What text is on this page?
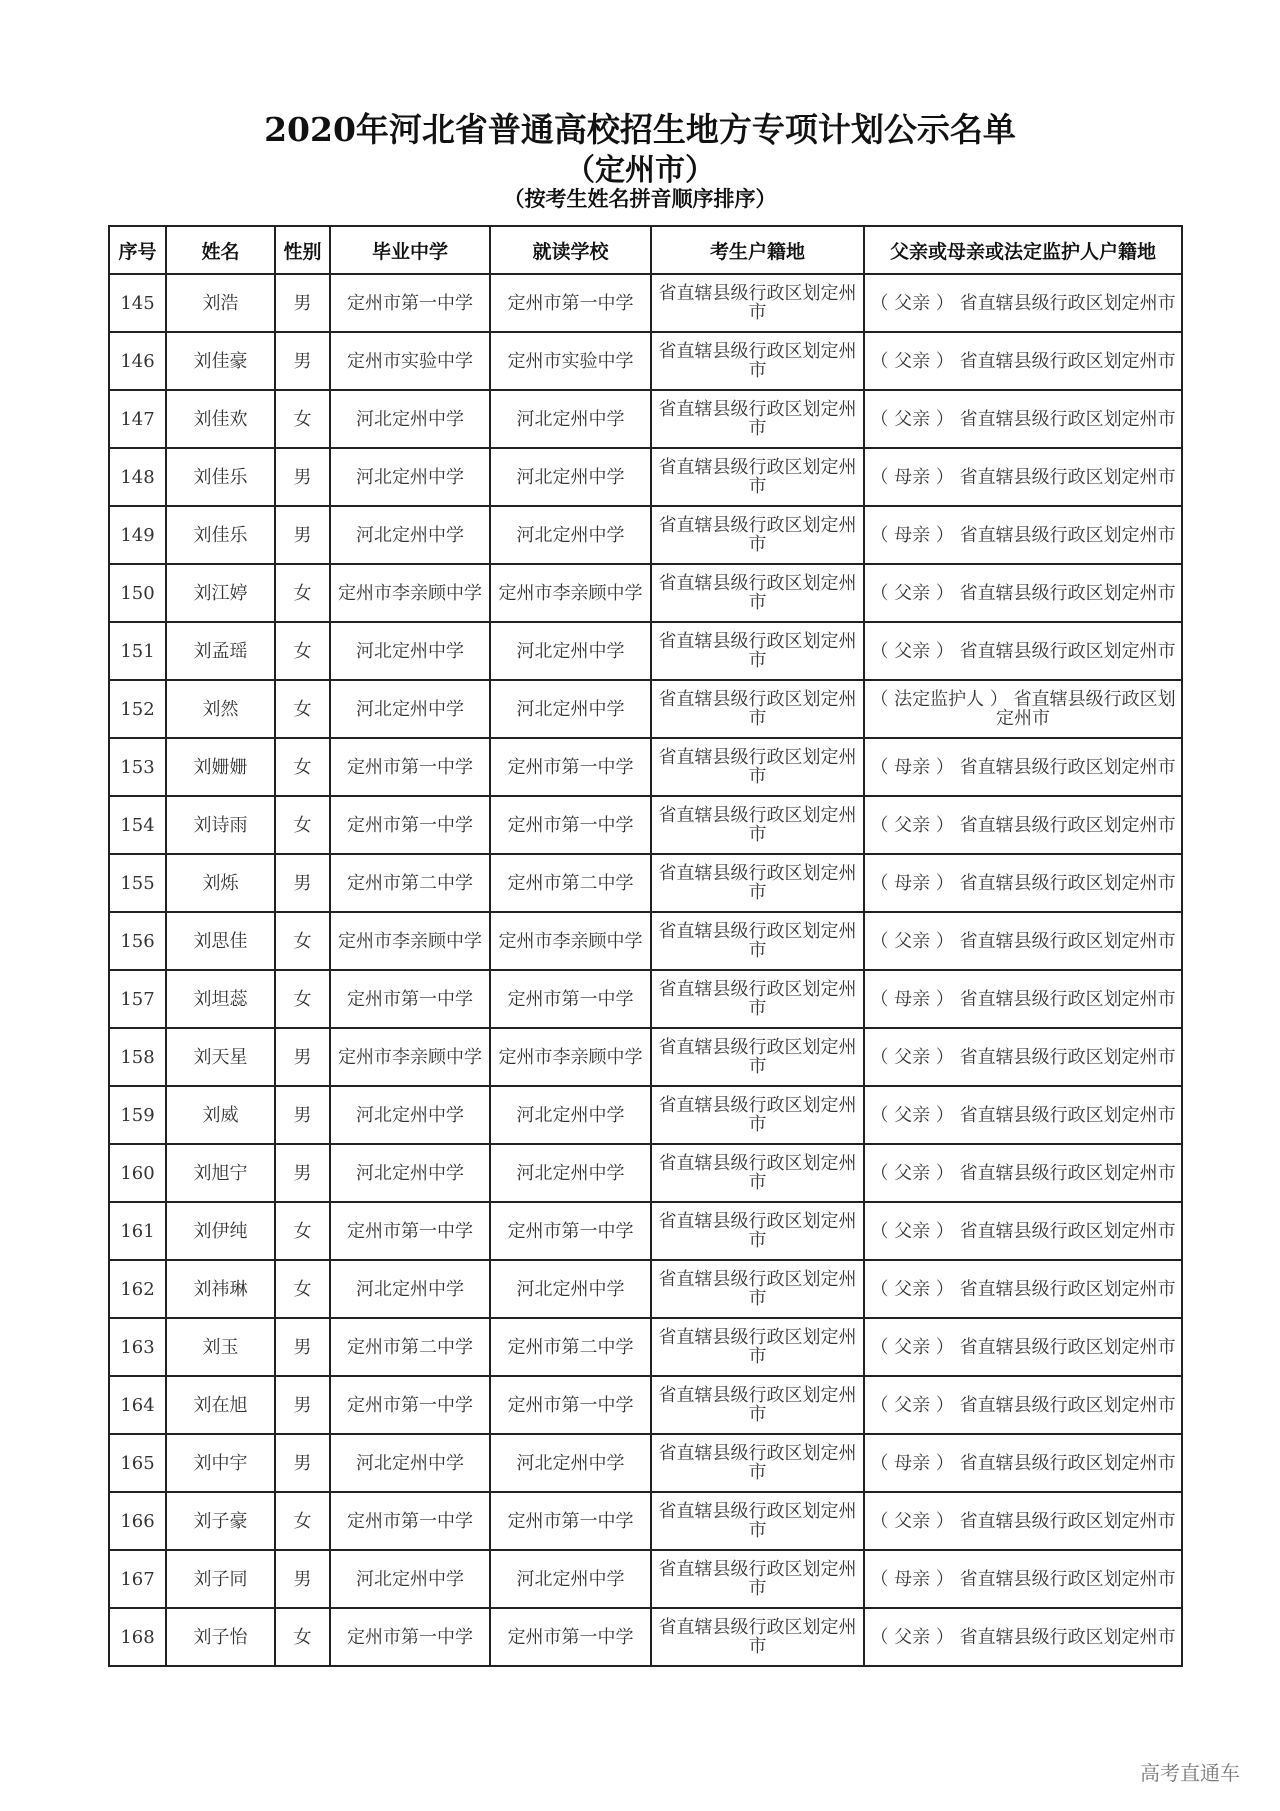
2020年河北省普通高校招生地方专项计划公示名单
（定州市）
（按考生姓名拼音顺序排序）
序号	姓名	性别	毕业中学	就读学校	考生户籍地	父亲或母亲或法定监护人户籍地
145	刘浩	男	定州市第一中学	定州市第一中学	省直辖县级行政区划定州市	（ 父亲 ） 省直辖县级行政区划定州市
146	刘佳豪	男	定州市实验中学	定州市实验中学	省直辖县级行政区划定州市	（ 父亲 ） 省直辖县级行政区划定州市
147	刘佳欢	女	河北定州中学	河北定州中学	省直辖县级行政区划定州市	（ 父亲 ） 省直辖县级行政区划定州市
148	刘佳乐	男	河北定州中学	河北定州中学	省直辖县级行政区划定州市	（ 母亲 ） 省直辖县级行政区划定州市
149	刘佳乐	男	河北定州中学	河北定州中学	省直辖县级行政区划定州市	（ 母亲 ） 省直辖县级行政区划定州市
150	刘江婷	女	定州市李亲顾中学	定州市李亲顾中学	省直辖县级行政区划定州市	（ 父亲 ） 省直辖县级行政区划定州市
151	刘孟瑶	女	河北定州中学	河北定州中学	省直辖县级行政区划定州市	（ 父亲 ） 省直辖县级行政区划定州市
152	刘然	女	河北定州中学	河北定州中学	省直辖县级行政区划定州市	（ 法定监护人 ） 省直辖县级行政区划定州市
153	刘姗姗	女	定州市第一中学	定州市第一中学	省直辖县级行政区划定州市	（ 母亲 ） 省直辖县级行政区划定州市
154	刘诗雨	女	定州市第一中学	定州市第一中学	省直辖县级行政区划定州市	（ 父亲 ） 省直辖县级行政区划定州市
155	刘烁	男	定州市第二中学	定州市第二中学	省直辖县级行政区划定州市	（ 母亲 ） 省直辖县级行政区划定州市
156	刘思佳	女	定州市李亲顾中学	定州市李亲顾中学	省直辖县级行政区划定州市	（ 父亲 ） 省直辖县级行政区划定州市
157	刘坦蕊	女	定州市第一中学	定州市第一中学	省直辖县级行政区划定州市	（ 母亲 ） 省直辖县级行政区划定州市
158	刘天星	男	定州市李亲顾中学	定州市李亲顾中学	省直辖县级行政区划定州市	（ 父亲 ） 省直辖县级行政区划定州市
159	刘威	男	河北定州中学	河北定州中学	省直辖县级行政区划定州市	（ 父亲 ） 省直辖县级行政区划定州市
160	刘旭宁	男	河北定州中学	河北定州中学	省直辖县级行政区划定州市	（ 父亲 ） 省直辖县级行政区划定州市
161	刘伊纯	女	定州市第一中学	定州市第一中学	省直辖县级行政区划定州市	（ 父亲 ） 省直辖县级行政区划定州市
162	刘祎琳	女	河北定州中学	河北定州中学	省直辖县级行政区划定州市	（ 父亲 ） 省直辖县级行政区划定州市
163	刘玉	男	定州市第二中学	定州市第二中学	省直辖县级行政区划定州市	（ 父亲 ） 省直辖县级行政区划定州市
164	刘在旭	男	定州市第一中学	定州市第一中学	省直辖县级行政区划定州市	（ 父亲 ） 省直辖县级行政区划定州市
165	刘中宇	男	河北定州中学	河北定州中学	省直辖县级行政区划定州市	（ 母亲 ） 省直辖县级行政区划定州市
166	刘子豪	女	定州市第一中学	定州市第一中学	省直辖县级行政区划定州市	（ 父亲 ） 省直辖县级行政区划定州市
167	刘子同	男	河北定州中学	河北定州中学	省直辖县级行政区划定州市	（ 母亲 ） 省直辖县级行政区划定州市
168	刘子怡	女	定州市第一中学	定州市第一中学	省直辖县级行政区划定州市	（ 父亲 ） 省直辖县级行政区划定州市
高考直通车
